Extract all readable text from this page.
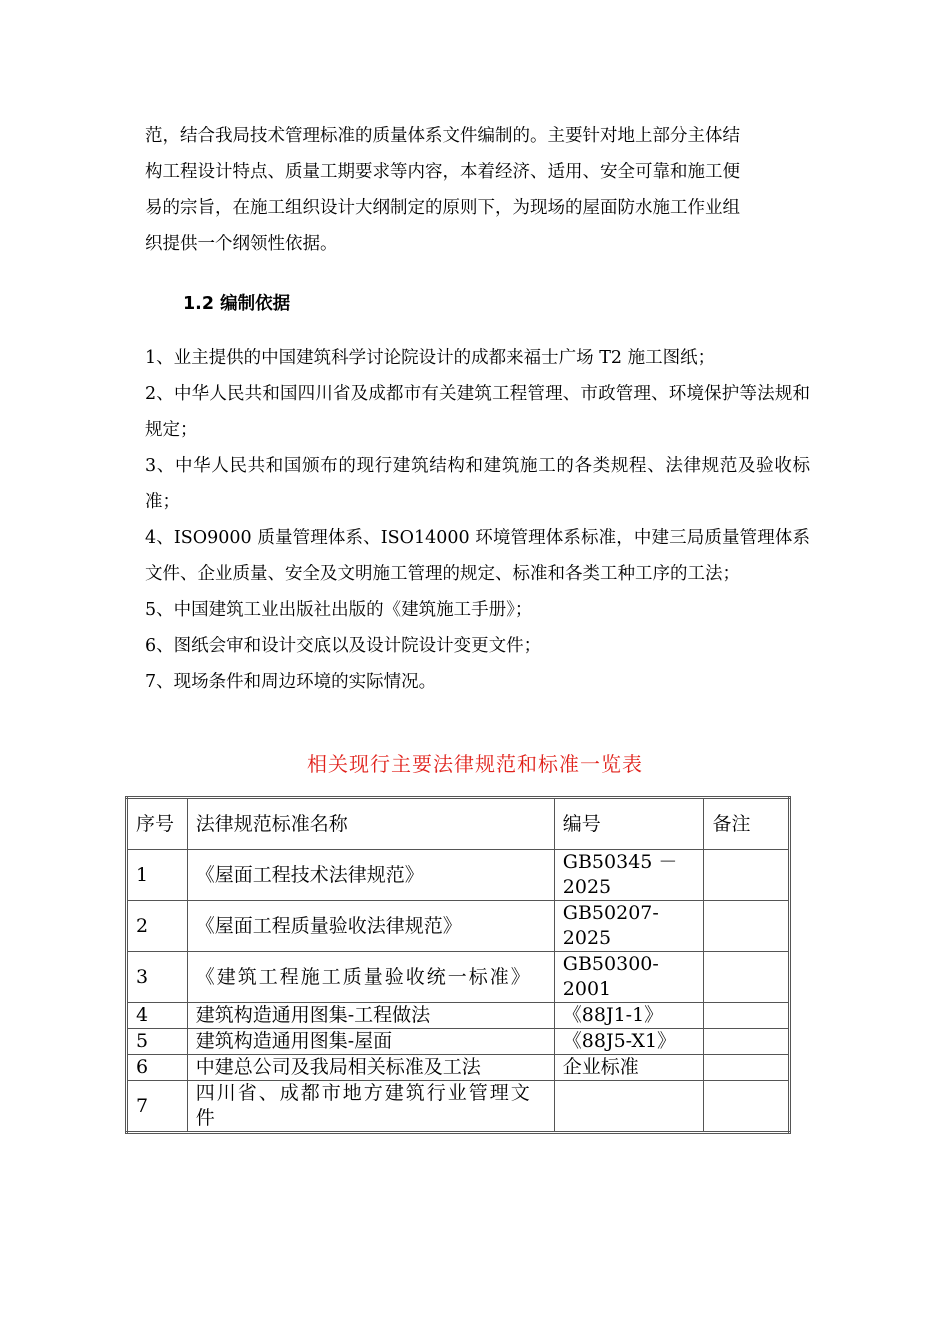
范，结合我局技术管理标准的质量体系文件编制的。主要针对地上部分主体结

构工程设计特点、质量工期要求等内容，本着经济、适用、安全可靠和施工便

易的宗旨，在施工组织设计大纲制定的原则下，为现场的屋面防水施工作业组

织提供一个纲领性依据。

1.2 编制依据

1、业主提供的中国建筑科学讨论院设计的成都来福士广场 T2 施工图纸；

2、中华人民共和国四川省及成都市有关建筑工程管理、市政管理、环境保护等法规和规定；

3、中华人民共和国颁布的现行建筑结构和建筑施工的各类规程、法律规范及验收标准；

4、ISO9000 质量管理体系、ISO14000 环境管理体系标准，中建三局质量管理体系文件、企业质量、安全及文明施工管理的规定、标准和各类工种工序的工法；

5、中国建筑工业出版社出版的《建筑施工手册》；

6、图纸会审和设计交底以及设计院设计变更文件；

7、现场条件和周边环境的实际情况。

相关现行主要法律规范和标准一览表
序号	法律规范标准名称	编号	备注
1	《屋面工程技术法律规范》	GB50345 －2025	
2	《屋面工程质量验收法律规范》	GB50207-2025	
3	《建筑工程施工质量验收统一标准》	GB50300-2001	
4	建筑构造通用图集-工程做法	《88J1-1》	
5	建筑构造通用图集-屋面	《88J5-X1》	
6	中建总公司及我局相关标准及工法	企业标准	
7	四川省、成都市地方建筑行业管理文件		
